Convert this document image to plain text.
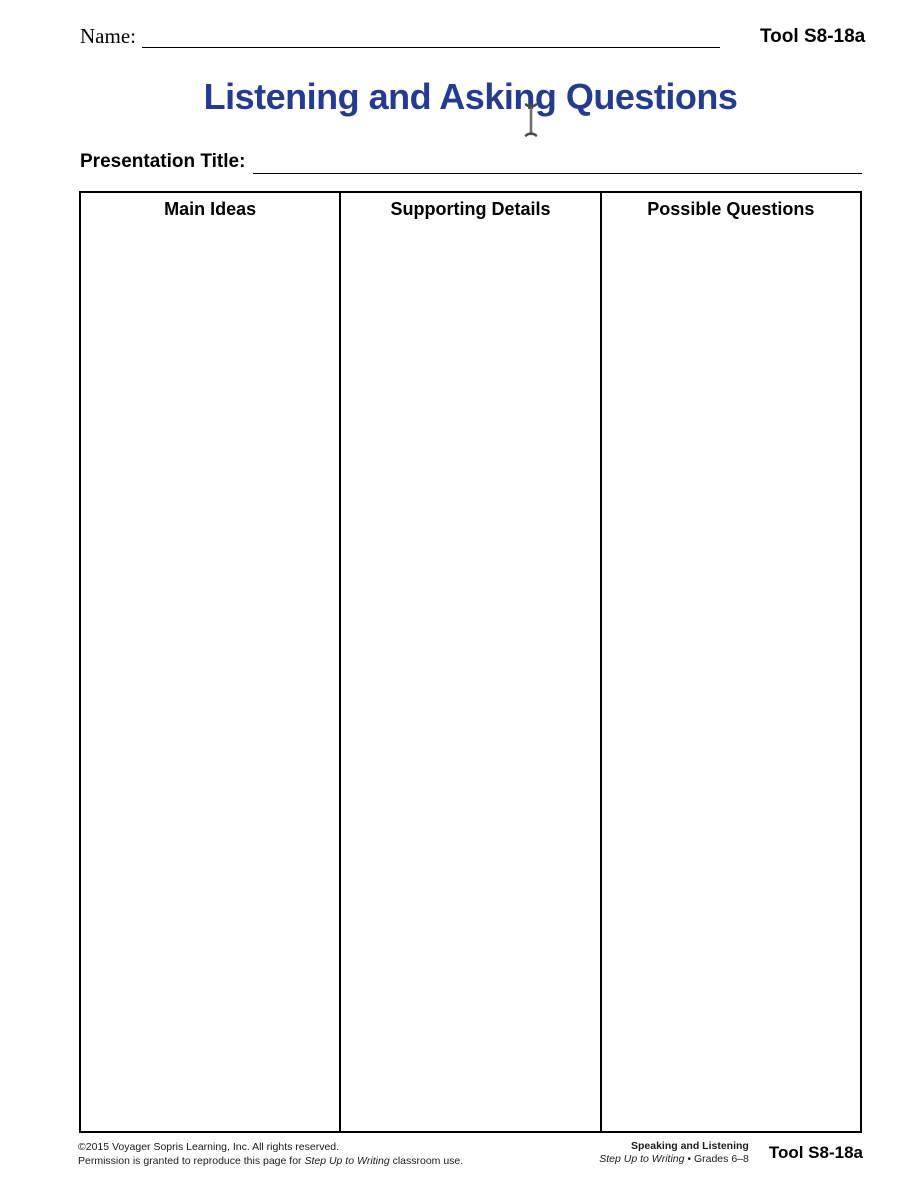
Name:	Tool S8-18a
Listening and Asking Questions
Presentation Title:
Main Ideas	Supporting Details	Possible Questions
©2015 Voyager Sopris Learning, Inc. All rights reserved.
Permission is granted to reproduce this page for Step Up to Writing classroom use.
Speaking and Listening
Step Up to Writing • Grades 6–8 Tool S8-18a
